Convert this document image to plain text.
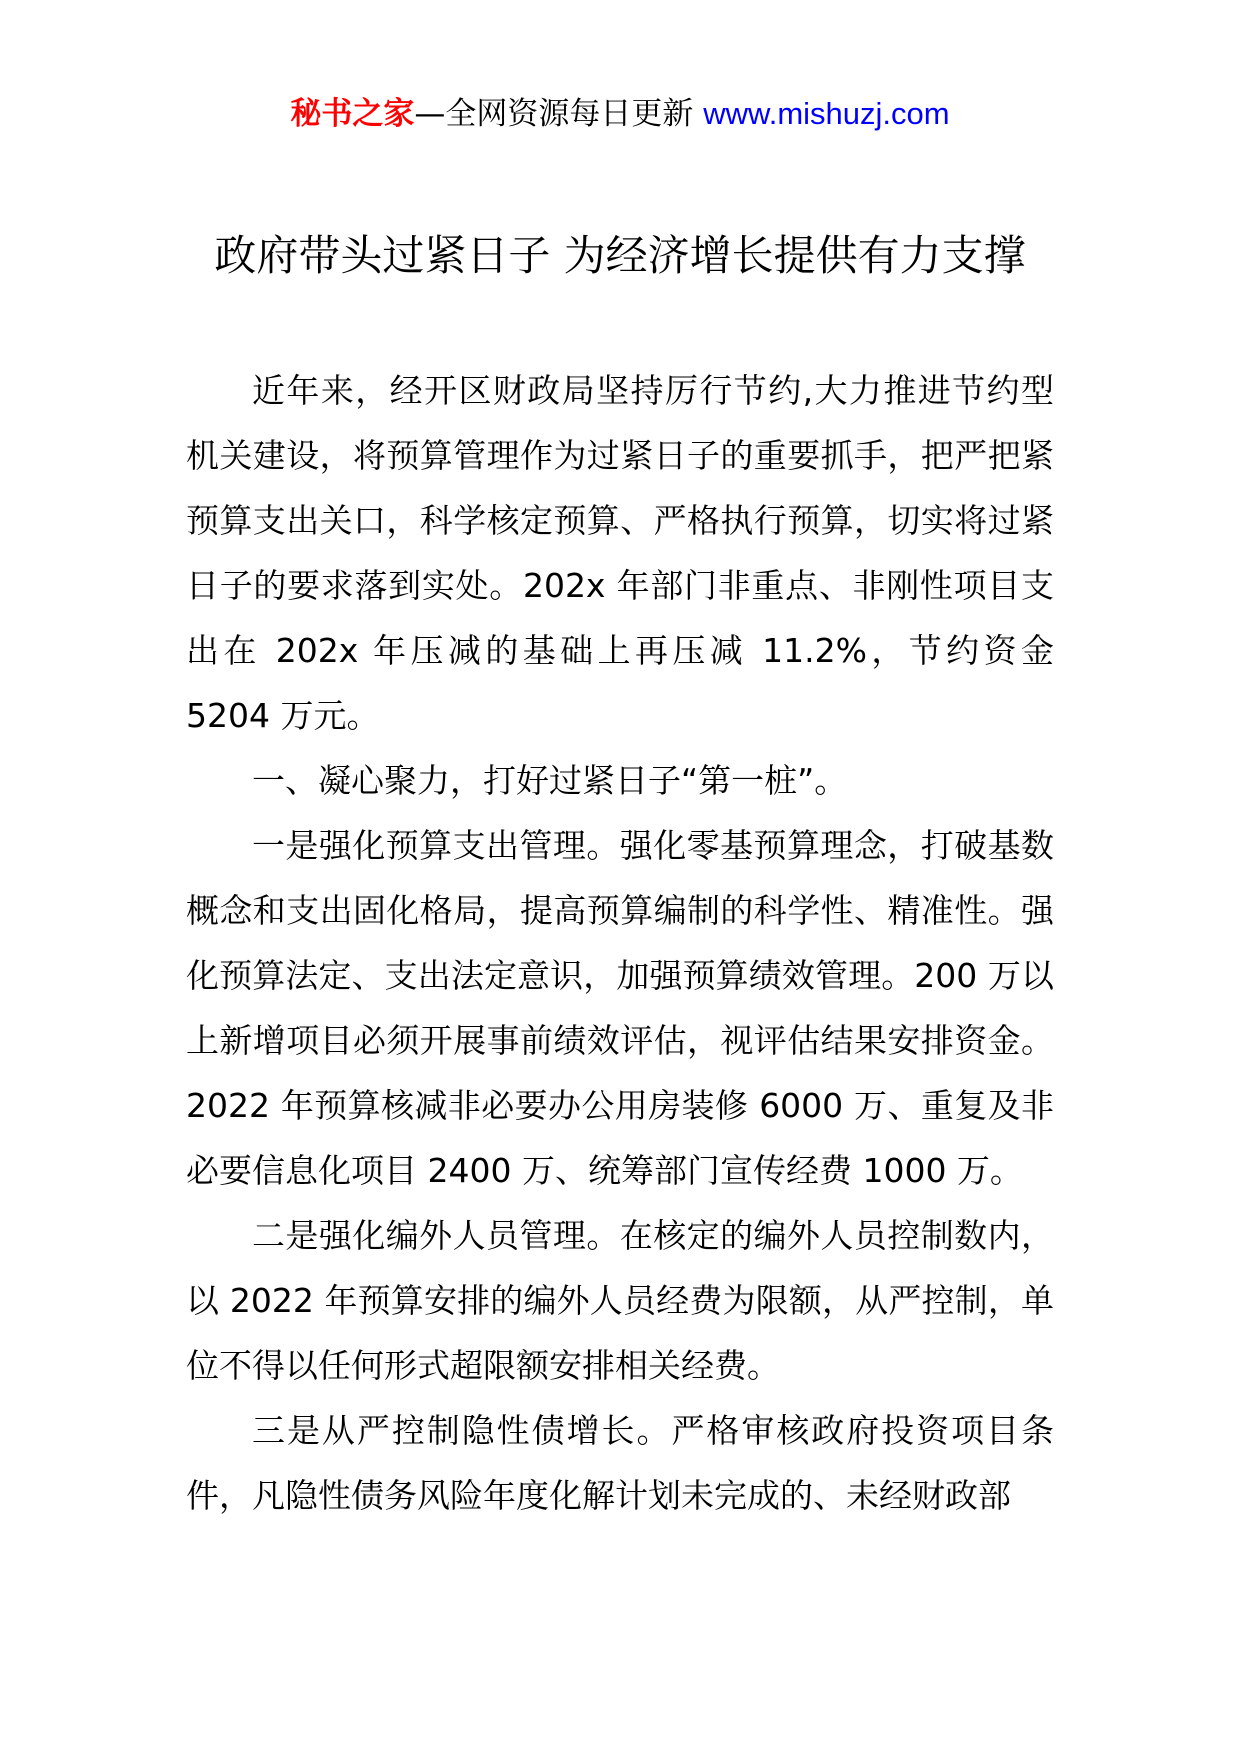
秘书之家—全网资源每日更新 www.mishuzj.com
政府带头过紧日子 为经济增长提供有力支撑

近年来，经开区财政局坚持厉行节约,大力推进节约型机关建设，将预算管理作为过紧日子的重要抓手，把严把紧预算支出关口，科学核定预算、严格执行预算，切实将过紧日子的要求落到实处。202x 年部门非重点、非刚性项目支出在 202x 年压减的基础上再压减 11.2%，节约资金 5204 万元。

一、凝心聚力，打好过紧日子“第一桩”。

一是强化预算支出管理。强化零基预算理念，打破基数概念和支出固化格局，提高预算编制的科学性、精准性。强化预算法定、支出法定意识，加强预算绩效管理。200 万以上新增项目必须开展事前绩效评估，视评估结果安排资金。2022 年预算核减非必要办公用房装修 6000 万、重复及非必要信息化项目 2400 万、统筹部门宣传经费 1000 万。

二是强化编外人员管理。在核定的编外人员控制数内，以 2022 年预算安排的编外人员经费为限额，从严控制，单位不得以任何形式超限额安排相关经费。

三是从严控制隐性债增长。严格审核政府投资项目条件，凡隐性债务风险年度化解计划未完成的、未经财政部
